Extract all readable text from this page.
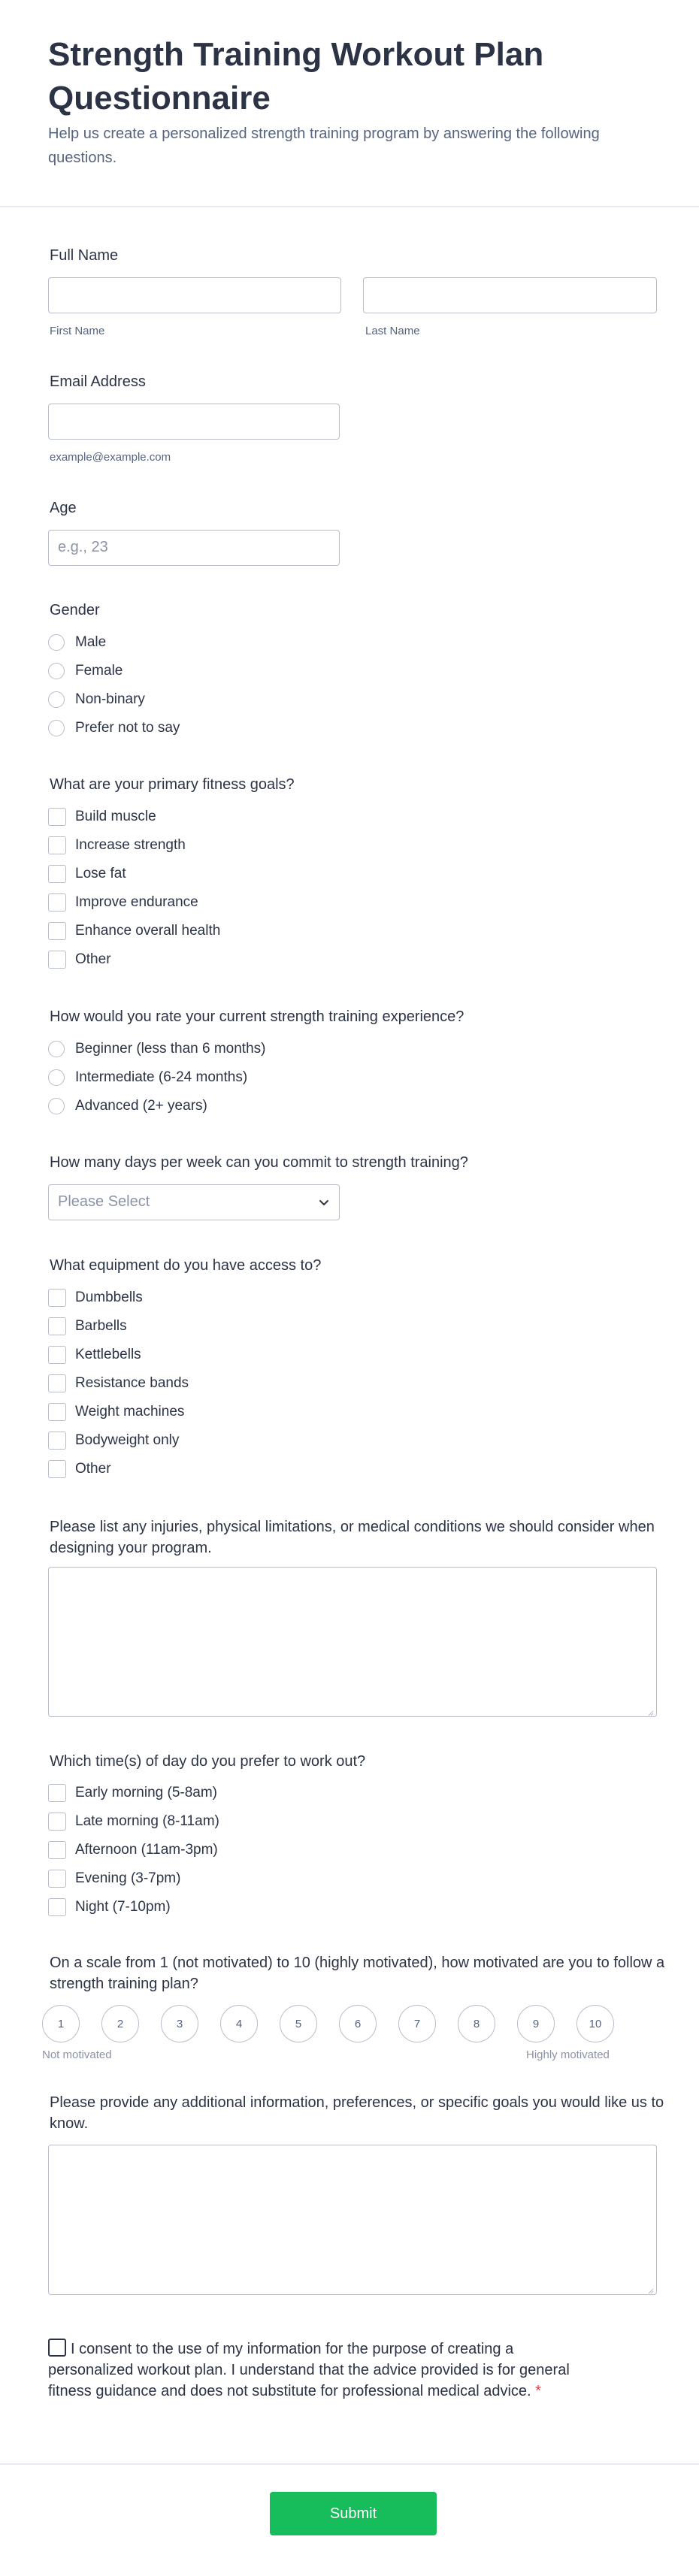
Strength Training Workout Plan Questionnaire

Help us create a personalized strength training program by answering the following questions.

Full Name
First Name	Last Name
Email Address
example@example.com
Age
e.g., 23
Gender
Male
Female
Non-binary
Prefer not to say
What are your primary fitness goals?
Build muscle
Increase strength
Lose fat
Improve endurance
Enhance overall health
Other
How would you rate your current strength training experience?
Beginner (less than 6 months)
Intermediate (6-24 months)
Advanced (2+ years)
How many days per week can you commit to strength training?
Please Select
What equipment do you have access to?
Dumbbells
Barbells
Kettlebells
Resistance bands
Weight machines
Bodyweight only
Other
Please list any injuries, physical limitations, or medical conditions we should consider when designing your program.
Which time(s) of day do you prefer to work out?
Early morning (5-8am)
Late morning (8-11am)
Afternoon (11am-3pm)
Evening (3-7pm)
Night (7-10pm)
On a scale from 1 (not motivated) to 10 (highly motivated), how motivated are you to follow a strength training plan?
1	2	3	4	5	6	7	8	9	10
Not motivated	Highly motivated
Please provide any additional information, preferences, or specific goals you would like us to know.
I consent to the use of my information for the purpose of creating a personalized workout plan. I understand that the advice provided is for general fitness guidance and does not substitute for professional medical advice. *
Submit
